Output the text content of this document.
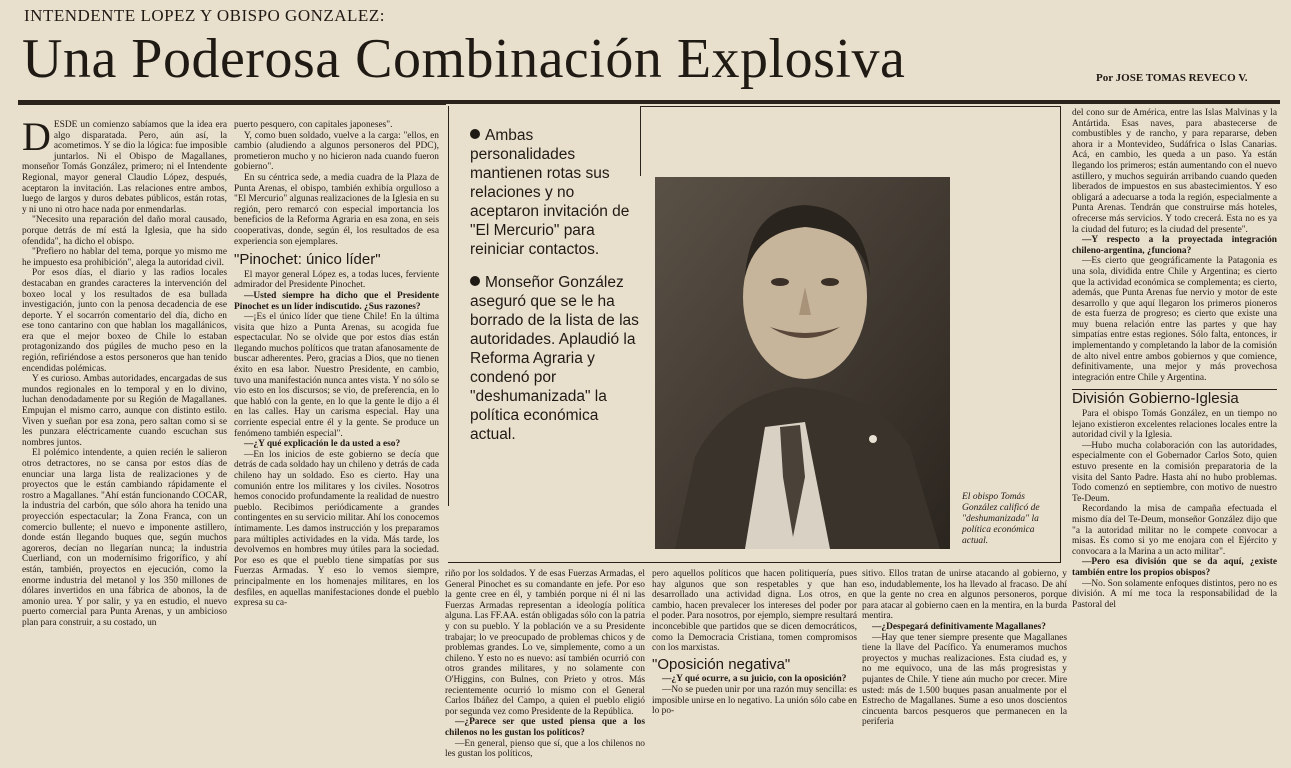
INTENDENTE LOPEZ Y OBISPO GONZALEZ:
Una Poderosa Combinación Explosiva	Por JOSE TOMAS REVECO V.
D ESDE un comienzo sabíamos que la idea era algo disparatada. Pero, aún así, la acometimos. Y se dio la lógica: fue imposible juntarlos. Ni el Obispo de Magallanes, monseñor Tomás González, primero; ni el Intendente Regional, mayor general Claudio López, después, aceptaron la invitación. Las relaciones entre ambos, luego de largos y duros debates públicos, están rotas, y ni uno ni otro hace nada por enmendarlas.

"Necesito una reparación del daño moral causado, porque detrás de mí está la Iglesia, que ha sido ofendida", ha dicho el obispo.

"Prefiero no hablar del tema, porque yo mismo me he impuesto esa prohibición", alega la autoridad civil.

Por esos días, el diario y las radios locales destacaban en grandes caracteres la intervención del boxeo local y los resultados de esa bullada investigación, junto con la penosa decadencia de ese deporte. Y el socarrón comentario del día, dicho en ese tono cantarino con que hablan los magallánicos, era que el mejor boxeo de Chile lo estaban protagonizando dos púgiles de mucho peso en la región, refiriéndose a estos personeros que han tenido encendidas polémicas.

Y es curioso. Ambas autoridades, encargadas de sus mundos regionales en lo temporal y en lo divino, luchan denodadamente por su Región de Magallanes. Empujan el mismo carro, aunque con distinto estilo. Viven y sueñan por esa zona, pero saltan como si se les punzara eléctricamente cuando escuchan sus nombres juntos.

El polémico intendente, a quien recién le salieron otros detractores, no se cansa por estos días de enunciar una larga lista de realizaciones y de proyectos que le están cambiando rápidamente el rostro a Magallanes. "Ahí están funcionando COCAR, la industria del carbón, que sólo ahora ha tenido una proyección espectacular; la Zona Franca, con un comercio bullente; el nuevo e imponente astillero, donde están llegando buques que, según muchos agoreros, decían no llegarían nunca; la industria Cuerliand, con un modernísimo frigorífico, y ahí están, también, proyectos en ejecución, como la enorme industria del metanol y los 350 millones de dólares invertidos en una fábrica de abonos, la de amonio urea. Y por salir, y ya en estudio, el nuevo puerto comercial para Punta Arenas, y un ambicioso plan para construir, a su costado, un

puerto pesquero, con capitales japoneses".

Y, como buen soldado, vuelve a la carga: "ellos, en cambio (aludiendo a algunos personeros del PDC), prometieron mucho y no hicieron nada cuando fueron gobierno".

En su céntrica sede, a media cuadra de la Plaza de Punta Arenas, el obispo, también exhibía orgulloso a "El Mercurio" algunas realizaciones de la Iglesia en su región, pero remarcó con especial importancia los beneficios de la Reforma Agraria en esa zona, en seis cooperativas, donde, según él, los resultados de esa experiencia son ejemplares.

"Pinochet: único líder"

El mayor general López es, a todas luces, ferviente admirador del Presidente Pinochet.

—Usted siempre ha dicho que el Presidente Pinochet es un líder indiscutido. ¿Sus razones?

—¡Es el único líder que tiene Chile! En la última visita que hizo a Punta Arenas, su acogida fue espectacular. No se olvide que por estos días están llegando muchos políticos que tratan afanosamente de buscar adherentes. Pero, gracias a Dios, que no tienen éxito en esa labor. Nuestro Presidente, en cambio, tuvo una manifestación nunca antes vista. Y no sólo se vio esto en los discursos; se vio, de preferencia, en lo que habló con la gente, en lo que la gente le dijo a él en las calles. Hay un carisma especial. Hay una corriente especial entre él y la gente. Se produce un fenómeno también especial".

—¿Y qué explicación le da usted a eso?

—En los inicios de este gobierno se decía que detrás de cada soldado hay un chileno y detrás de cada chileno hay un soldado. Eso es cierto. Hay una comunión entre los militares y los civiles. Nosotros hemos conocido profundamente la realidad de nuestro pueblo. Recibimos periódicamente a grandes contingentes en su servicio militar. Ahí los conocemos íntimamente. Les damos instrucción y los preparamos para múltiples actividades en la vida. Más tarde, los devolvemos en hombres muy útiles para la sociedad. Por eso es que el pueblo tiene simpatías por sus Fuerzas Armadas. Y eso lo vemos siempre, principalmente en los homenajes militares, en los desfiles, en aquellas manifestaciones donde el pueblo expresa su ca-

Ambas personalidades mantienen rotas sus relaciones y no aceptaron invitación de "El Mercurio" para reiniciar contactos.
Monseñor González aseguró que se le ha borrado de la lista de las autoridades. Aplaudió la Reforma Agraria y condenó por "deshumanizada" la política económica actual.
El obispo Tomás González calificó de "deshumanizada" la política económica actual.

riño por los soldados. Y de esas Fuerzas Armadas, el General Pinochet es su comandante en jefe. Por eso la gente cree en él, y también porque ni él ni las Fuerzas Armadas representan a ideología política alguna. Las FF.AA. están obligadas sólo con la patria y con su pueblo. Y la población ve a su Presidente trabajar; lo ve preocupado de problemas chicos y de problemas grandes. Lo ve, simplemente, como a un chileno. Y esto no es nuevo: así también ocurrió con otros grandes militares, y no solamente con O'Higgins, con Bulnes, con Prieto y otros. Más recientemente ocurrió lo mismo con el General Carlos Ibáñez del Campo, a quien el pueblo eligió por segunda vez como Presidente de la República.

—¿Parece ser que usted piensa que a los chilenos no les gustan los políticos?

—En general, pienso que sí, que a los chilenos no les gustan los políticos,

pero aquellos políticos que hacen politiquería, pues hay algunos que son respetables y que han desarrollado una actividad digna. Los otros, en cambio, hacen prevalecer los intereses del poder por el poder. Para nosotros, por ejemplo, siempre resultará inconcebible que partidos que se dicen democráticos, como la Democracia Cristiana, tomen compromisos con los marxistas.

"Oposición negativa"

—¿Y qué ocurre, a su juicio, con la oposición?

—No se pueden unir por una razón muy sencilla: es imposible unirse en lo negativo. La unión sólo cabe en lo po-

sitivo. Ellos tratan de unirse atacando al gobierno, y eso, indudablemente, los ha llevado al fracaso. De ahí que la gente no crea en algunos personeros, porque para atacar al gobierno caen en la mentira, en la burda mentira.

—¿Despegará definitivamente Magallanes?

—Hay que tener siempre presente que Magallanes tiene la llave del Pacífico. Ya enumeramos muchos proyectos y muchas realizaciones. Esta ciudad es, y no me equivoco, una de las más progresistas y pujantes de Chile. Y tiene aún mucho por crecer. Mire usted: más de 1.500 buques pasan anualmente por el Estrecho de Magallanes. Sume a eso unos doscientos cincuenta barcos pesqueros que permanecen en la periferia

del cono sur de América, entre las Islas Malvinas y la Antártida. Esas naves, para abastecerse de combustibles y de rancho, y para repararse, deben ahora ir a Montevideo, Sudáfrica o Islas Canarias. Acá, en cambio, les queda a un paso. Ya están llegando los primeros; están aumentando con el nuevo astillero, y muchos seguirán arribando cuando queden liberados de impuestos en sus abastecimientos. Y eso obligará a adecuarse a toda la región, especialmente a Punta Arenas. Tendrán que construirse más hoteles, ofrecerse más servicios. Y todo crecerá. Esta no es ya la ciudad del futuro; es la ciudad del presente".

—Y respecto a la proyectada integración chileno-argentina, ¿funciona?

—Es cierto que geográficamente la Patagonia es una sola, dividida entre Chile y Argentina; es cierto que la actividad económica se complementa; es cierto, además, que Punta Arenas fue nervio y motor de este desarrollo y que aquí llegaron los primeros pioneros de esta fuerza de progreso; es cierto que existe una muy buena relación entre las partes y que hay simpatías entre estas regiones. Sólo falta, entonces, ir implementando y completando la labor de la comisión de alto nivel entre ambos gobiernos y que comience, definitivamente, una mejor y más provechosa integración entre Chile y Argentina.

División Gobierno-Iglesia

Para el obispo Tomás González, en un tiempo no lejano existieron excelentes relaciones locales entre la autoridad civil y la Iglesia.

—Hubo mucha colaboración con las autoridades, especialmente con el Gobernador Carlos Soto, quien estuvo presente en la comisión preparatoria de la visita del Santo Padre. Hasta ahí no hubo problemas. Todo comenzó en septiembre, con motivo de nuestro Te-Deum.

Recordando la misa de campaña efectuada el mismo día del Te-Deum, monseñor González dijo que "a la autoridad militar no le compete convocar a misas. Es como si yo me enojara con el Ejército y convocara a la Marina a un acto militar".

—Pero esa división que se da aquí, ¿existe también entre los propios obispos?

—No. Son solamente enfoques distintos, pero no es división. A mí me toca la responsabilidad de la Pastoral del
